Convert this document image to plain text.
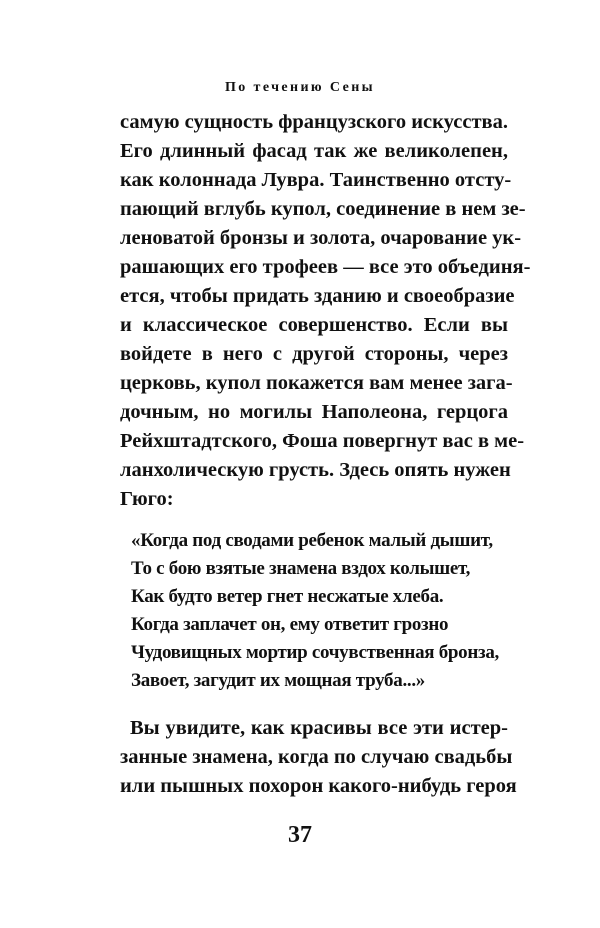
По течению Сены
самую сущность французского искусства.
Его длинный фасад так же великолепен,
как колоннада Лувра. Таинственно отсту-
пающий вглубь купол, соединение в нем зе-
леноватой бронзы и золота, очарование ук-
рашающих его трофеев — все это объединя-
ется, чтобы придать зданию и своеобразие
и классическое совершенство. Если вы
войдете в него с другой стороны, через
церковь, купол покажется вам менее зага-
дочным, но могилы Наполеона, герцога
Рейхштадтского, Фоша повергнут вас в ме-
ланхолическую грусть. Здесь опять нужен
Гюго:
«Когда под сводами ребенок малый дышит,
То с бою взятые знамена вздох колышет,
Как будто ветер гнет несжатые хлеба.
Когда заплачет он, ему ответит грозно
Чудовищных мортир сочувственная бронза,
Завоет, загудит их мощная труба...»
Вы увидите, как красивы все эти истер-
занные знамена, когда по случаю свадьбы
или пышных похорон какого-нибудь героя
37
